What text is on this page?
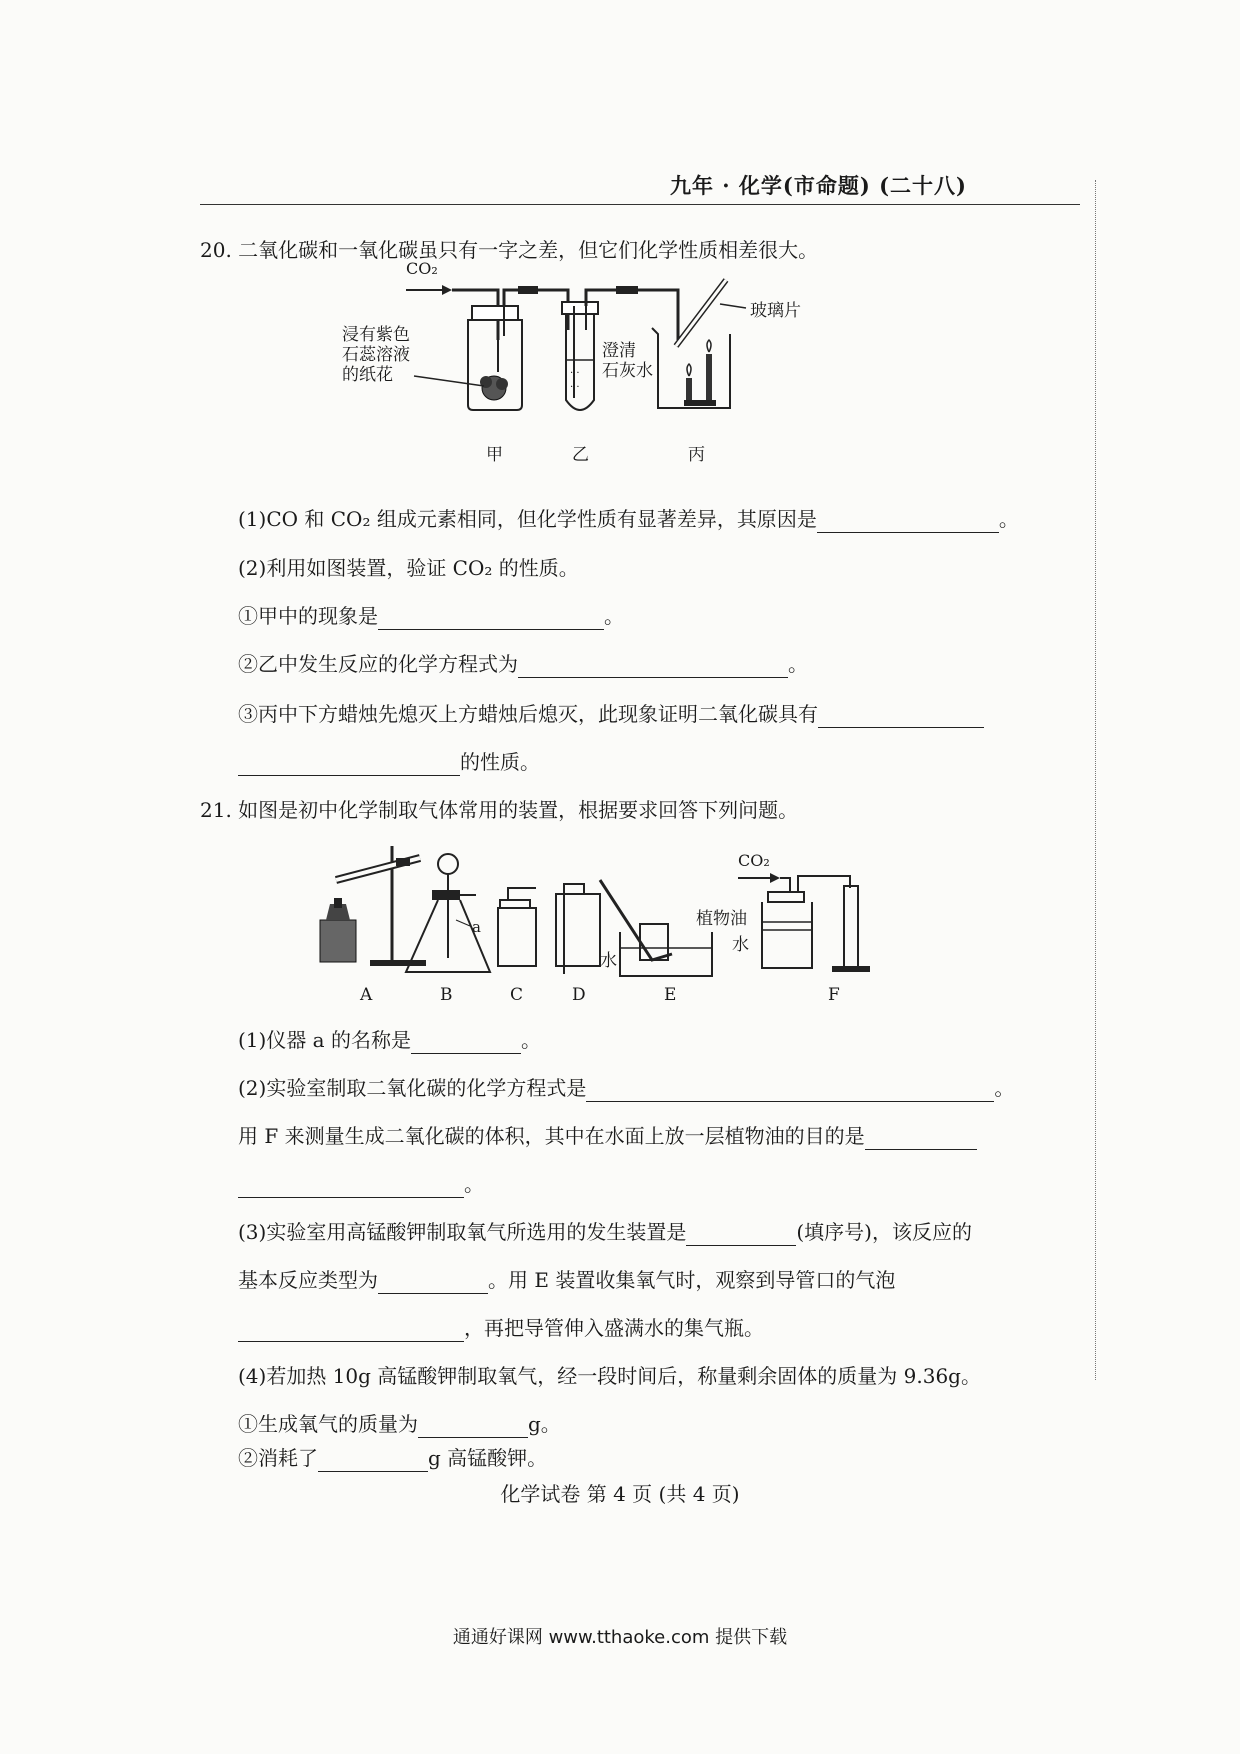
九年 · 化学(市命题) (二十八)
20. 二氧化碳和一氧化碳虽只有一字之差，但它们化学性质相差很大。
CO₂
浸有紫色
石蕊溶液
的纸花	· ·
· ·
澄清
石灰水
玻璃片
甲	乙	丙
(1)CO 和 CO₂ 组成元素相同，但化学性质有显著差异，其原因是	。
(2)利用如图装置，验证 CO₂ 的性质。
①甲中的现象是	。
②乙中发生反应的化学方程式为	。
③丙中下方蜡烛先熄灭上方蜡烛后熄灭，此现象证明二氧化碳具有
的性质。
21. 如图是初中化学制取气体常用的装置，根据要求回答下列问题。
a
水
CO₂
植物油
水
A	B	C	D	E	F
(1)仪器 a 的名称是	。
(2)实验室制取二氧化碳的化学方程式是	。
用 F 来测量生成二氧化碳的体积，其中在水面上放一层植物油的目的是
。
(3)实验室用高锰酸钾制取氧气所选用的发生装置是	(填序号)，该反应的
基本反应类型为	。用 E 装置收集氧气时，观察到导管口的气泡
，再把导管伸入盛满水的集气瓶。
(4)若加热 10g 高锰酸钾制取氧气，经一段时间后，称量剩余固体的质量为 9.36g。
①生成氧气的质量为	g。
②消耗了	g 高锰酸钾。
化学试卷 第 4 页 (共 4 页)
通通好课网 www.tthaoke.com 提供下载
